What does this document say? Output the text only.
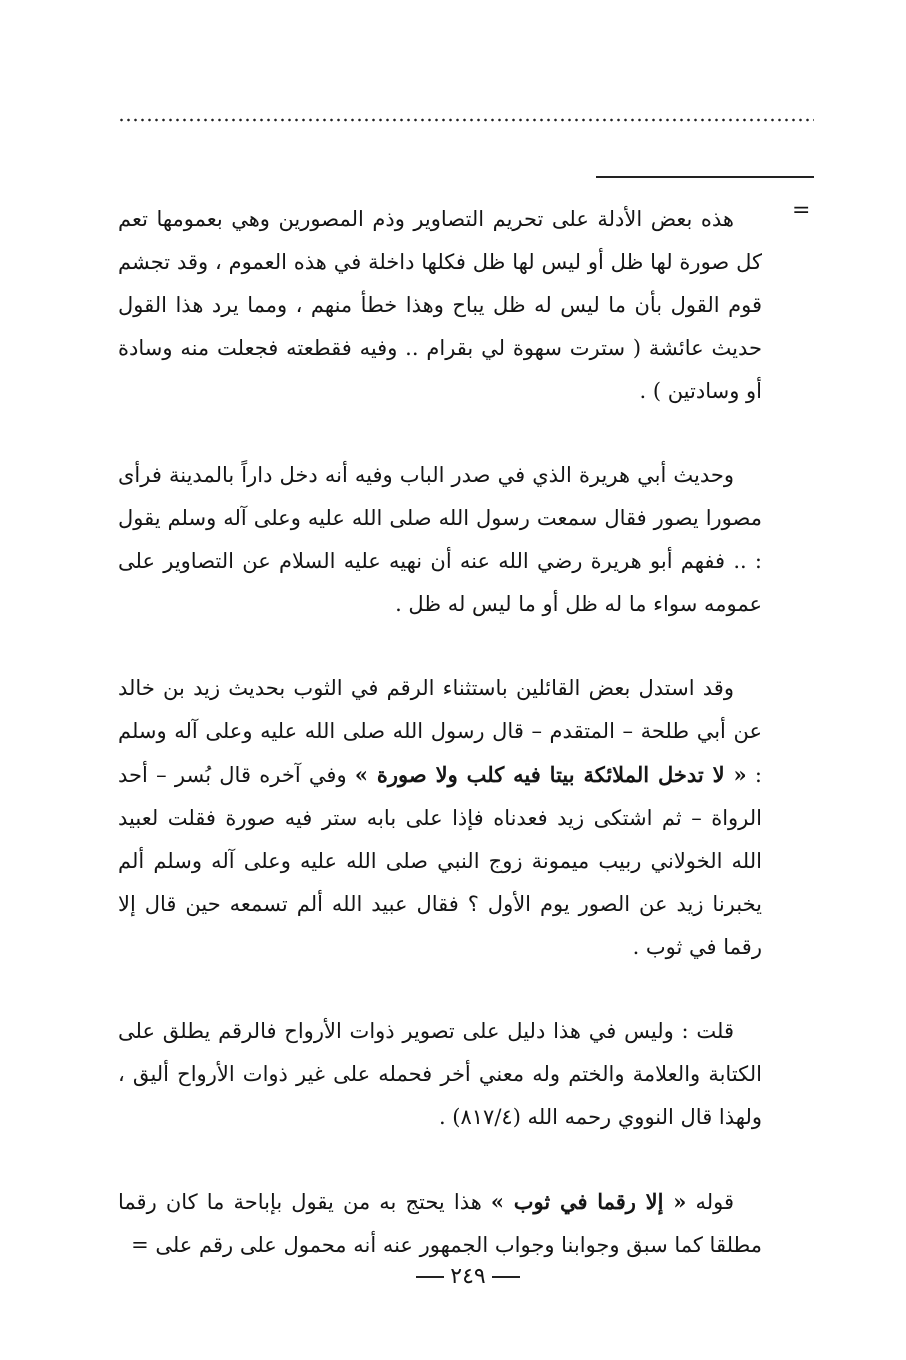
=

هذه بعض الأدلة على تحريم التصاوير وذم المصورين وهي بعمومها تعم كل صورة لها ظل أو ليس لها ظل فكلها داخلة في هذه العموم ، وقد تجشم قوم القول بأن ما ليس له ظل يباح وهذا خطأ منهم ، ومما يرد هذا القول حديث عائشة ( سترت سهوة لي بقرام .. وفيه فقطعته فجعلت منه وسادة أو وسادتين ) .

وحديث أبي هريرة الذي في صدر الباب وفيه أنه دخل داراً بالمدينة فرأى مصورا يصور فقال سمعت رسول الله صلى الله عليه وعلى آله وسلم يقول : .. ففهم أبو هريرة رضي الله عنه أن نهيه عليه السلام عن التصاوير على عمومه سواء ما له ظل أو ما ليس له ظل .

وقد استدل بعض القائلين باستثناء الرقم في الثوب بحديث زيد بن خالد عن أبي طلحة – المتقدم – قال رسول الله صلى الله عليه وعلى آله وسلم : « لا تدخل الملائكة بيتا فيه كلب ولا صورة » وفي آخره قال بُسر – أحد الرواة – ثم اشتكى زيد فعدناه فإذا على بابه ستر فيه صورة فقلت لعبيد الله الخولاني ربيب ميمونة زوج النبي صلى الله عليه وعلى آله وسلم ألم يخبرنا زيد عن الصور يوم الأول ؟ فقال عبيد الله ألم تسمعه حين قال إلا رقما في ثوب .

قلت : وليس في هذا دليل على تصوير ذوات الأرواح فالرقم يطلق على الكتابة والعلامة والختم وله معني أخر فحمله على غير ذوات الأرواح أليق ، ولهذا قال النووي رحمه الله (٨١٧/٤) .

قوله « إلا رقما في ثوب » هذا يحتج به من يقول بإباحة ما كان رقما مطلقا كما سبق وجوابنا وجواب الجمهور عنه أنه محمول على رقم على =

٢٤٩
